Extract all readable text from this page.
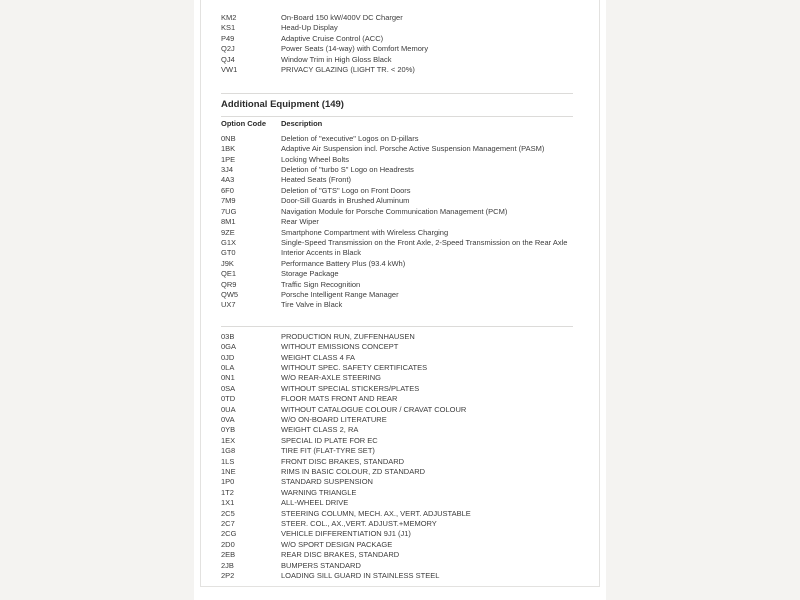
KM2	On-Board 150 kW/400V DC Charger
KS1	Head-Up Display
P49	Adaptive Cruise Control (ACC)
Q2J	Power Seats (14-way) with Comfort Memory
QJ4	Window Trim in High Gloss Black
VW1	PRIVACY GLAZING (LIGHT TR. < 20%)
Additional Equipment (149)
Option Code	Description
0NB	Deletion of "executive" Logos on D-pillars
1BK	Adaptive Air Suspension incl. Porsche Active Suspension Management (PASM)
1PE	Locking Wheel Bolts
3J4	Deletion of "turbo S" Logo on Headrests
4A3	Heated Seats (Front)
6F0	Deletion of "GTS" Logo on Front Doors
7M9	Door-Sill Guards in Brushed Aluminum
7UG	Navigation Module for Porsche Communication Management (PCM)
8M1	Rear Wiper
9ZE	Smartphone Compartment with Wireless Charging
G1X	Single-Speed Transmission on the Front Axle, 2-Speed Transmission on the Rear Axle
GT0	Interior Accents in Black
J9K	Performance Battery Plus (93.4 kWh)
QE1	Storage Package
QR9	Traffic Sign Recognition
QW5	Porsche Intelligent Range Manager
UX7	Tire Valve in Black
03B	PRODUCTION RUN, ZUFFENHAUSEN
0GA	WITHOUT EMISSIONS CONCEPT
0JD	WEIGHT CLASS 4 FA
0LA	WITHOUT SPEC. SAFETY CERTIFICATES
0N1	W/O REAR-AXLE STEERING
0SA	WITHOUT SPECIAL STICKERS/PLATES
0TD	FLOOR MATS FRONT AND REAR
0UA	WITHOUT CATALOGUE COLOUR / CRAVAT COLOUR
0VA	W/O ON-BOARD LITERATURE
0YB	WEIGHT CLASS 2, RA
1EX	SPECIAL ID PLATE FOR EC
1G8	TIRE FIT (FLAT-TYRE SET)
1LS	FRONT DISC BRAKES, STANDARD
1NE	RIMS IN BASIC COLOUR, ZD STANDARD
1P0	STANDARD SUSPENSION
1T2	WARNING TRIANGLE
1X1	ALL-WHEEL DRIVE
2C5	STEERING COLUMN, MECH. AX., VERT. ADJUSTABLE
2C7	STEER. COL., AX.,VERT. ADJUST.+MEMORY
2CG	VEHICLE DIFFERENTIATION 9J1 (J1)
2D0	W/O SPORT DESIGN PACKAGE
2EB	REAR DISC BRAKES, STANDARD
2JB	BUMPERS STANDARD
2P2	LOADING SILL GUARD IN STAINLESS STEEL
